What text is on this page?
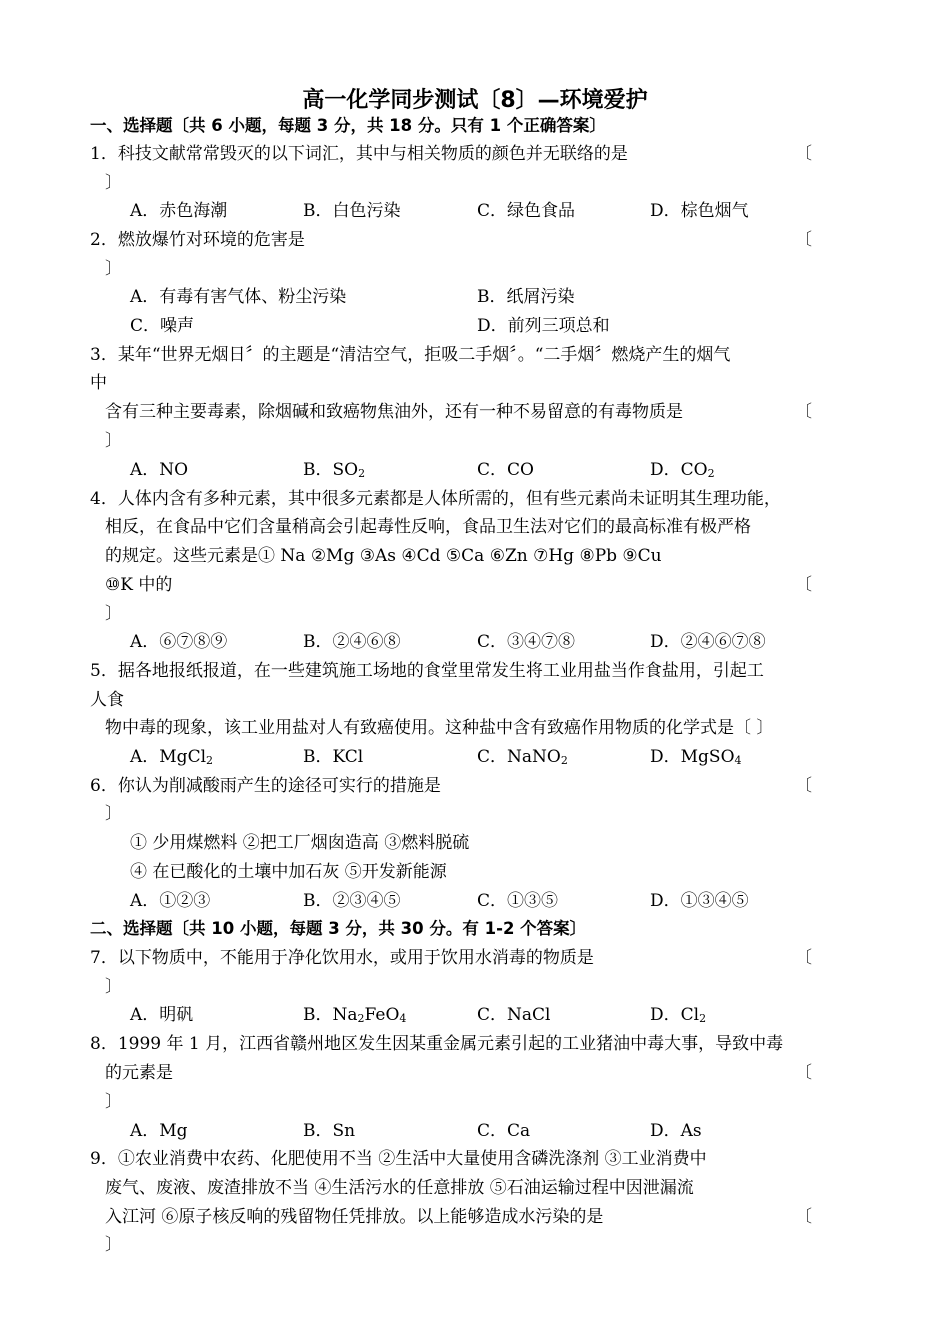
高一化学同步测试〔8〕—环境爱护
一、选择题〔共 6 小题，每题 3 分，共 18 分。只有 1 个正确答案〕
1．科技文献常常毁灭的以下词汇，其中与相关物质的颜色并无联络的是	〔
〕
A．赤色海潮	B．白色污染	C．绿色食品	D．棕色烟气
2．燃放爆竹对环境的危害是	〔
〕
A．有毒有害气体、粉尘污染	B．纸屑污染
C．噪声	D．前列三项总和
3．某年“世界无烟日〞的主题是“清洁空气，拒吸二手烟〞。“二手烟〞燃烧产生的烟气
中
含有三种主要毒素，除烟碱和致癌物焦油外，还有一种不易留意的有毒物质是	〔
〕
A．NO	B．$SO_2$	C．CO	D．$CO_2$
4．人体内含有多种元素，其中很多元素都是人体所需的，但有些元素尚未证明其生理功能，
相反，在食品中它们含量稍高会引起毒性反响，食品卫生法对它们的最高标准有极严格
的规定。这些元素是① Na ②Mg ③As ④Cd ⑤Ca ⑥Zn ⑦Hg ⑧Pb ⑨Cu
⑩K 中的	〔
〕
A．⑥⑦⑧⑨	B．②④⑥⑧	C．③④⑦⑧	D．②④⑥⑦⑧
5．据各地报纸报道，在一些建筑施工场地的食堂里常发生将工业用盐当作食盐用，引起工
人食
物中毒的现象，该工业用盐对人有致癌使用。这种盐中含有致癌作用物质的化学式是〔 〕
A．MgCl$_2$	B．KCl	C．NaNO$_2$	D．MgSO$_4$
6．你认为削减酸雨产生的途径可实行的措施是	〔
〕
① 少用煤燃料 ②把工厂烟囱造高 ③燃料脱硫
④ 在已酸化的土壤中加石灰 ⑤开发新能源
A．①②③	B．②③④⑤	C．①③⑤	D．①③④⑤
二、选择题〔共 10 小题，每题 3 分，共 30 分。有 1-2 个答案〕
7．以下物质中，不能用于净化饮用水，或用于饮用水消毒的物质是	〔
〕
A．明矾	B．$Na_2FeO_4$	C．NaCl	D．$Cl_2$
8．1999 年 1 月，江西省赣州地区发生因某重金属元素引起的工业猪油中毒大事，导致中毒
的元素是	〔
〕
A．Mg	B．Sn	C．Ca	D．As
9．①农业消费中农药、化肥使用不当 ②生活中大量使用含磷洗涤剂 ③工业消费中
废气、废液、废渣排放不当 ④生活污水的任意排放 ⑤石油运输过程中因泄漏流
入江河 ⑥原子核反响的残留物任凭排放。以上能够造成水污染的是	〔
〕
